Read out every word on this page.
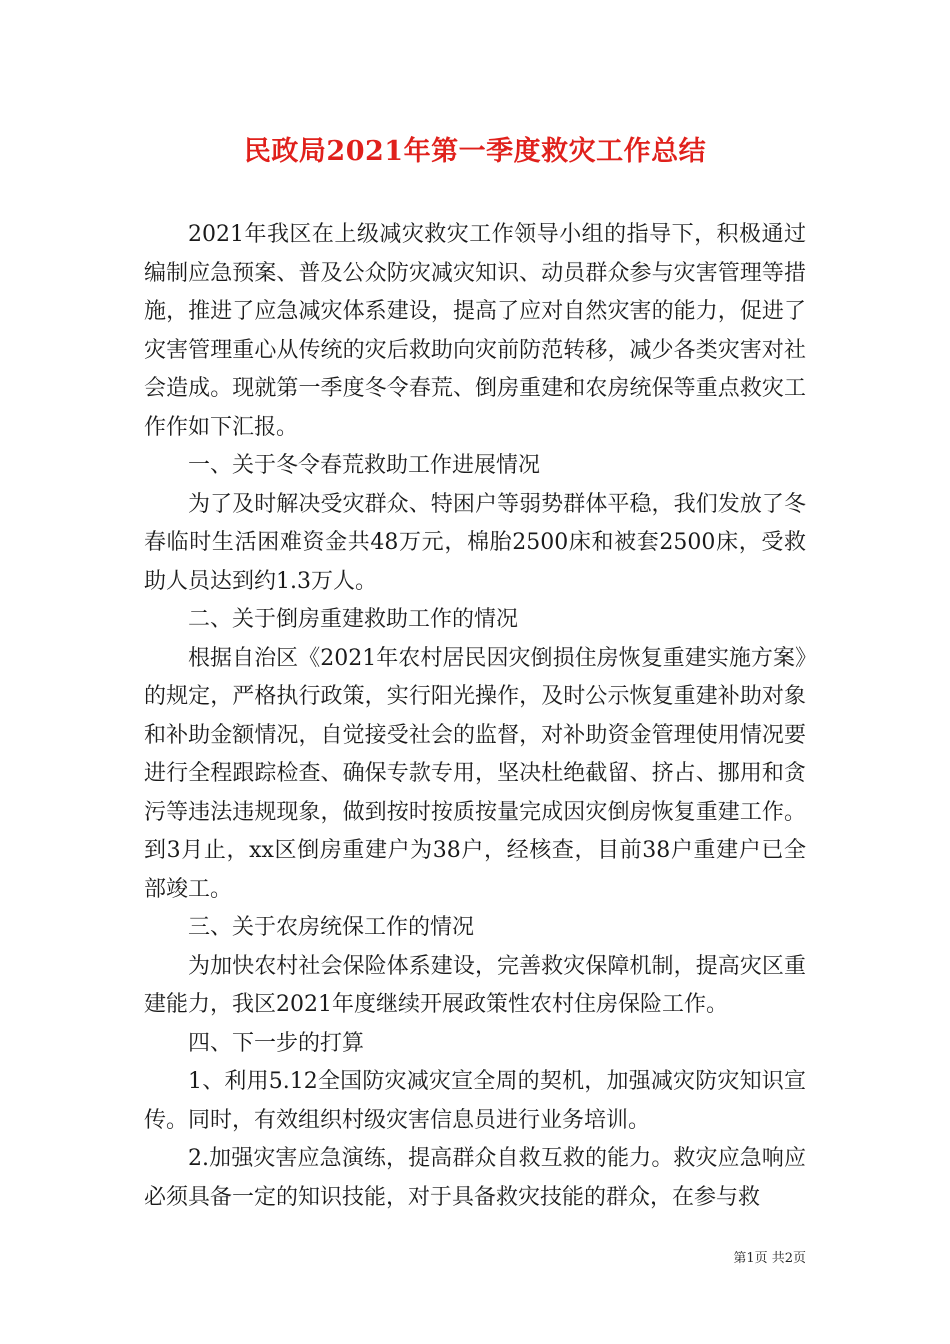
民政局2021年第一季度救灾工作总结

2021年我区在上级减灾救灾工作领导小组的指导下，积极通过编制应急预案、普及公众防灾减灾知识、动员群众参与灾害管理等措施，推进了应急减灾体系建设，提高了应对自然灾害的能力，促进了灾害管理重心从传统的灾后救助向灾前防范转移，减少各类灾害对社会造成。现就第一季度冬令春荒、倒房重建和农房统保等重点救灾工作作如下汇报。

一、关于冬令春荒救助工作进展情况

为了及时解决受灾群众、特困户等弱势群体平稳，我们发放了冬春临时生活困难资金共48万元，棉胎2500床和被套2500床，受救助人员达到约1.3万人。

二、关于倒房重建救助工作的情况

根据自治区《2021年农村居民因灾倒损住房恢复重建实施方案》的规定，严格执行政策，实行阳光操作，及时公示恢复重建补助对象和补助金额情况，自觉接受社会的监督，对补助资金管理使用情况要进行全程跟踪检查、确保专款专用，坚决杜绝截留、挤占、挪用和贪污等违法违规现象，做到按时按质按量完成因灾倒房恢复重建工作。到3月止，xx区倒房重建户为38户，经核查，目前38户重建户已全部竣工。

三、关于农房统保工作的情况

为加快农村社会保险体系建设，完善救灾保障机制，提高灾区重建能力，我区2021年度继续开展政策性农村住房保险工作。

四、下一步的打算

1、利用5.12全国防灾减灾宣全周的契机，加强减灾防灾知识宣传。同时，有效组织村级灾害信息员进行业务培训。

2.加强灾害应急演练，提高群众自救互救的能力。救灾应急响应必须具备一定的知识技能，对于具备救灾技能的群众，在参与救

第1页 共2页
